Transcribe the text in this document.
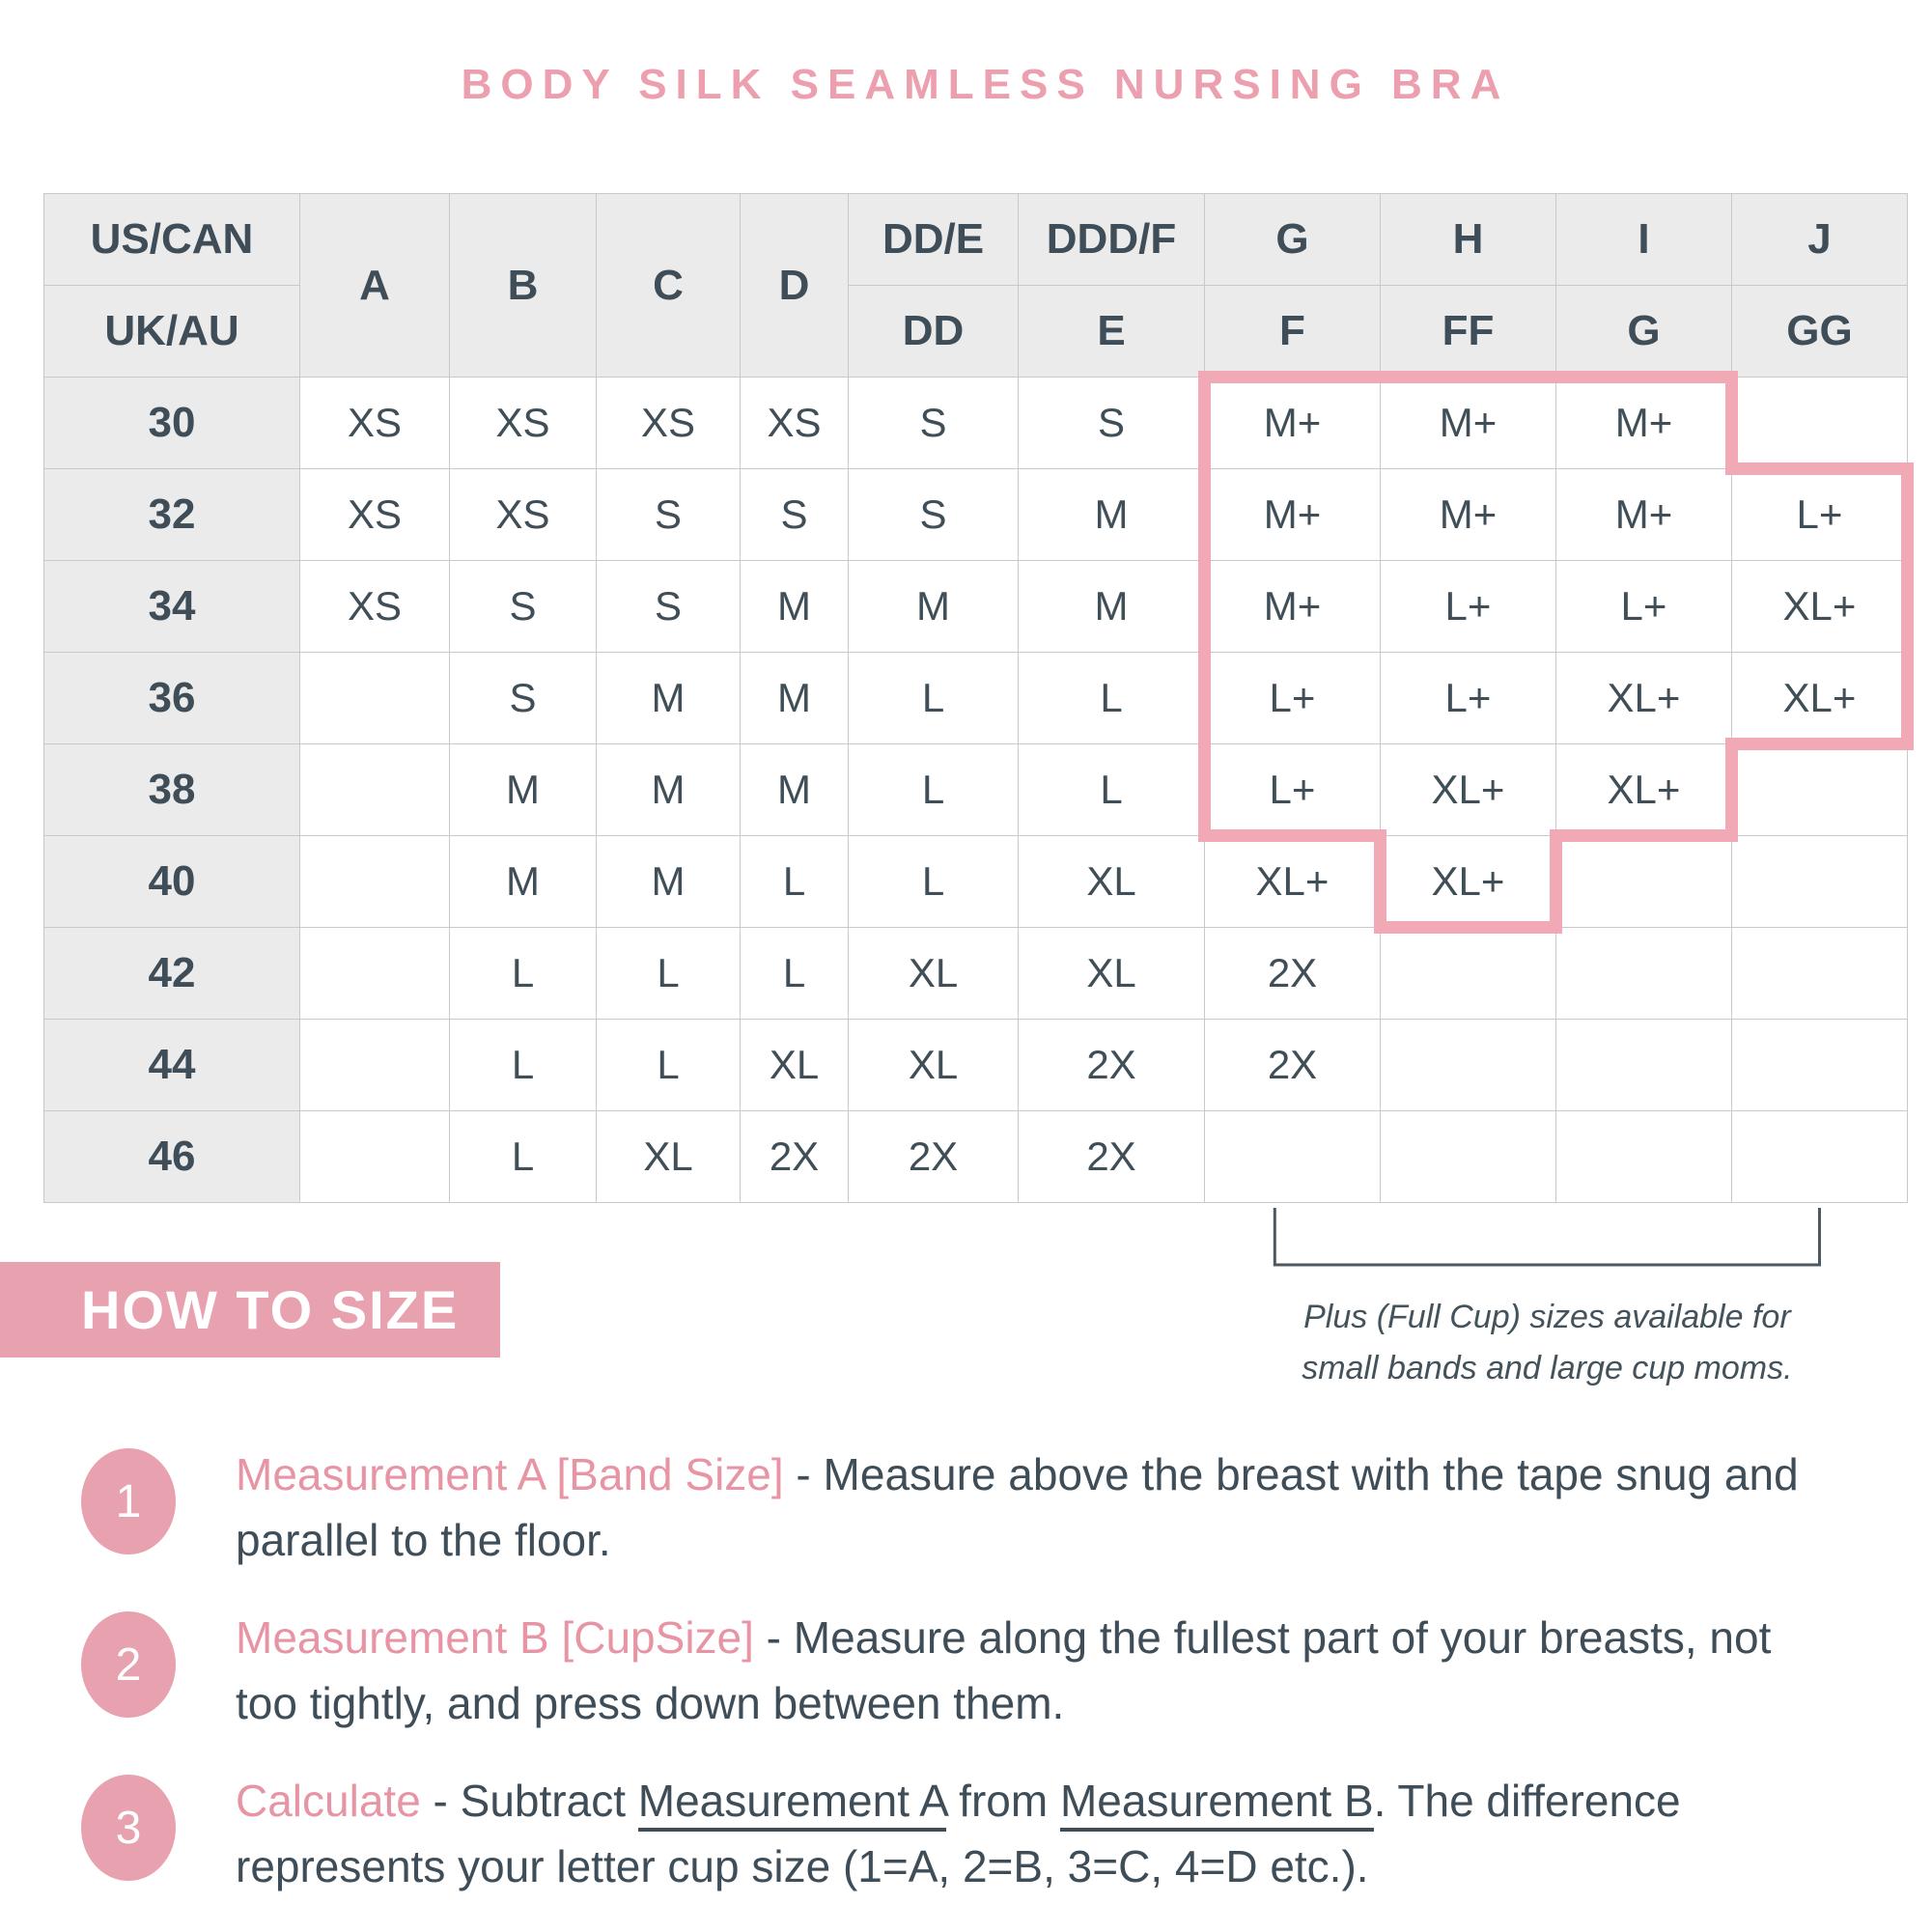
BODY SILK SEAMLESS NURSING BRA
US/CAN	A	B	C	D	DD/E	DDD/F	G	H	I	J
UK/AU					DD	E	F	FF	G	GG
30	XS	XS	XS	XS	S	S	M+	M+	M+	
32	XS	XS	S	S	S	M	M+	M+	M+	L+
34	XS	S	S	M	M	M	M+	L+	L+	XL+
36		S	M	M	L	L	L+	L+	XL+	XL+
38		M	M	M	L	L	L+	XL+	XL+	
40		M	M	L	L	XL	XL+	XL+		
42		L	L	L	XL	XL	2X			
44		L	L	XL	XL	2X	2X			
46		L	XL	2X	2X	2X				
Plus (Full Cup) sizes available for
small bands and large cup moms.
HOW TO SIZE
1
Measurement A [Band Size] - Measure above the breast with the tape snug and
parallel to the floor.
2
Measurement B [CupSize] - Measure along the fullest part of your breasts, not
too tightly, and press down between them.
3
Calculate - Subtract Measurement A from Measurement B. The difference
represents your letter cup size (1=A, 2=B, 3=C, 4=D etc.).
